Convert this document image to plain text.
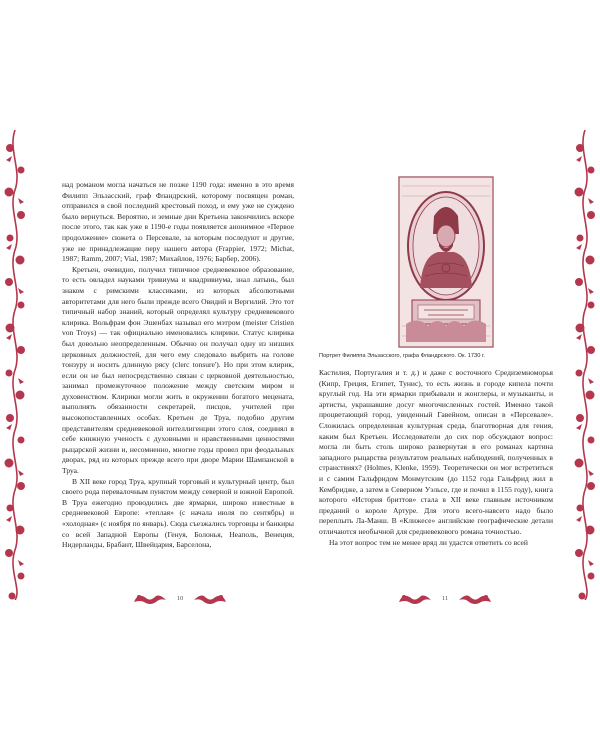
над романом могла начаться не позже 1190 года: именно в это время Филипп Эльзасский, граф Фландрский, которому посвящен роман, отправился в свой последний крестовый поход, и ему уже не суждено было вернуться. Вероятно, и земные дни Кретьена закончились вскоре после этого, так как уже в 1190-е годы появляется анонимное «Первое продолжение» сюжета о Персевале, за которым последуют и другие, уже не принадлежащие перу нашего автора (Frappier, 1972; Michat, 1987; Ramm, 2007; Vial, 1987; Михайлов, 1976; Барбер, 2006).

Кретьен, очевидно, получил типичное средневековое образование, то есть овладел науками тривиума и квадривиума, знал латынь, был знаком с римскими классиками, из которых абсолютными авторитетами для него были прежде всего Овидий и Вергилий. Это тот типичный набор знаний, который определял культуру средневекового клирика. Вольфрам фон Эшенбах называл его мэтром (meister Cristien von Troys) — так официально именовались клирики. Статус клирика был довольно неопределенным. Обычно он получал одну из низших церковных должностей, для чего ему следовало выбрить на голове тонзуру и носить длинную рясу (clerc tonsure'). Но при этом клирик, если он не был непосредственно связан с церковной деятельностью, занимал промежуточное положение между светским миром и духовенством. Клирики могли жить в окружении богатого мецената, выполнять обязанности секретарей, писцов, учителей при высокопоставленных особах. Кретьен де Труа, подобно другим представителям средневековой интеллигенции этого слоя, соединял в себе книжную ученость с духовными и нравственными ценностями рыцарской жизни и, несомненно, многие годы провел при феодальных дворах, ряд из которых прежде всего при дворе Марии Шампанской в Труа.

В XII веке город Труа, крупный торговый и культурный центр, был своего рода перевалочным пунктом между северной и южной Европой. В Труа ежегодно проводились две ярмарки, широко известные в средневековой Европе: «теплая» (с начала июля по сентябрь) и «холодная» (с ноября по январь). Сюда съезжались торговцы и банкиры со всей Западной Европы (Генуя, Болонья, Неаполь, Венеция, Нидерланды, Брабант, Швейцария, Барселона,

Портрет Филиппа Эльзасского, графа Фландрского. Ок. 1730 г.

Кастилия, Португалия и т. д.) и даже с восточного Средиземноморья (Кипр, Греция, Египет, Тунис), то есть жизнь в городе кипела почти круглый год. На эти ярмарки прибывали и жонглеры, и музыканты, и артисты, украшавшие досуг многочисленных гостей. Именно такой процветающий город, увиденный Гавейном, описан в «Персевале». Сложилась определенная культурная среда, благотворная для гения, каким был Кретьен. Исследователи до сих пор обсуждают вопрос: могла ли быть столь широко развернутая в его романах картина западного рыцарства результатом реальных наблюдений, полученных в странствиях? (Holmes, Klenke, 1959). Теоретически он мог встретиться и с самим Гальфридом Монмутским (до 1152 года Гальфрид жил в Кембридже, а затем в Северном Уэльсе, где и почил в 1155 году), книга которого «История бриттов» стала в XII веке главным источником преданий о короле Артуре. Для этого всего-навсего надо было переплыть Ла-Манш. В «Клижесе» английские географические детали отличаются необычной для средневекового романа точностью.

На этот вопрос тем не менее вряд ли удастся ответить со всей

10	11
